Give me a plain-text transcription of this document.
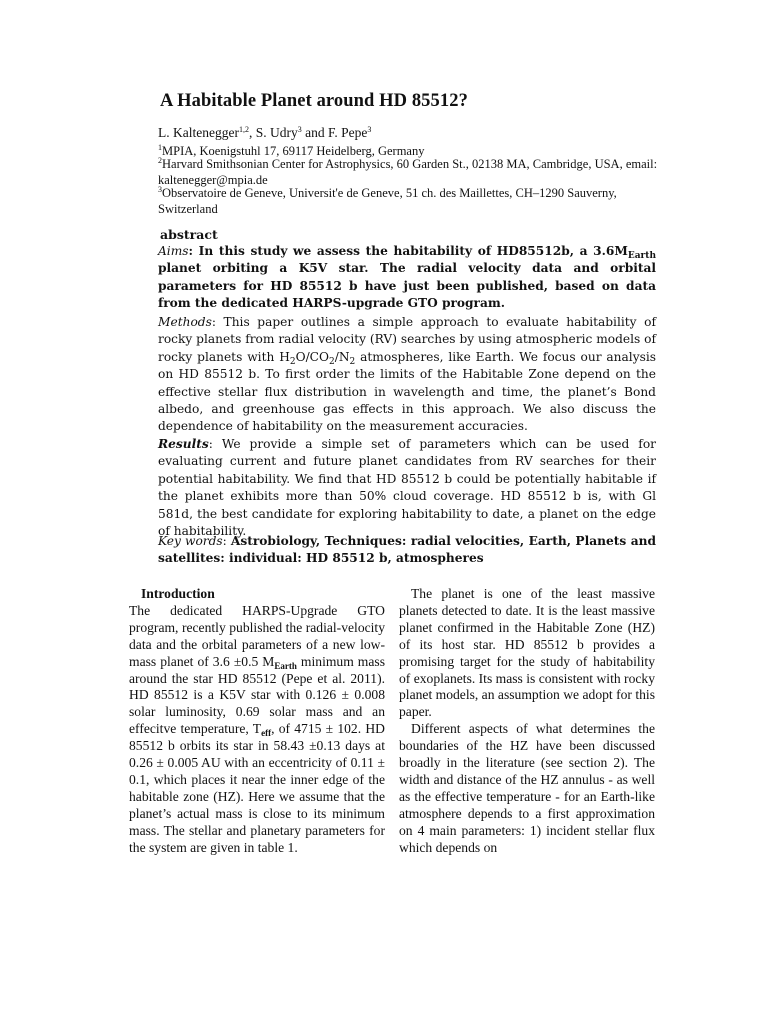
A Habitable Planet around HD 85512?
L. Kaltenegger$^{1,2}$, S. Udry$^3$ and F. Pepe$^3$
$^1$MPIA, Koenigstuhl 17, 69117 Heidelberg, Germany
$^2$Harvard Smithsonian Center for Astrophysics, 60 Garden St., 02138 MA, Cambridge, USA, email: kaltenegger@mpia.de
$^3$Observatoire de Geneve, Universit'e de Geneve, 51 ch. des Maillettes, CH–1290 Sauverny, Switzerland
abstract
Aims: In this study we assess the habitability of HD85512b, a $3.6M_{Earth}$ planet orbiting a K5V star. The radial velocity data and orbital parameters for HD 85512 b have just been published, based on data from the dedicated HARPS-upgrade GTO program.
Methods: This paper outlines a simple approach to evaluate habitability of rocky planets from radial velocity (RV) searches by using atmospheric models of rocky planets with $H_2O/CO_2/N_2$ atmospheres, like Earth. We focus our analysis on HD 85512 b. To first order the limits of the Habitable Zone depend on the effective stellar flux distribution in wavelength and time, the planet’s Bond albedo, and greenhouse gas effects in this approach. We also discuss the dependence of habitability on the measurement accuracies.
Results: We provide a simple set of parameters which can be used for evaluating current and future planet candidates from RV searches for their potential habitability. We find that HD 85512 b could be potentially habitable if the planet exhibits more than 50% cloud coverage. HD 85512 b is, with Gl 581d, the best candidate for exploring habitability to date, a planet on the edge of habitability.
Key words: Astrobiology, Techniques: radial velocities, Earth, Planets and satellites: individual: HD 85512 b, atmospheres
Introduction
The dedicated HARPS-Upgrade GTO program, recently published the radial-velocity data and the orbital parameters of a new low-mass planet of 3.6 ±0.5 $M_{Earth}$ minimum mass around the star HD 85512 (Pepe et al. 2011). HD 85512 is a K5V star with 0.126 ± 0.008 solar luminosity, 0.69 solar mass and an effecitve temperature, $T_{eff}$, of 4715 ± 102. HD 85512 b orbits its star in 58.43 ±0.13 days at 0.26 ± 0.005 AU with an eccentricity of 0.11 ± 0.1, which places it near the inner edge of the habitable zone (HZ). Here we assume that the planet’s actual mass is close to its minimum mass. The stellar and planetary parameters for the system are given in table 1.
The planet is one of the least massive planets detected to date. It is the least massive planet confirmed in the Habitable Zone (HZ) of its host star. HD 85512 b provides a promising target for the study of habitability of exoplanets. Its mass is consistent with rocky planet models, an assumption we adopt for this paper.
Different aspects of what determines the boundaries of the HZ have been discussed broadly in the literature (see section 2). The width and distance of the HZ annulus - as well as the effective temperature - for an Earth-like atmosphere depends to a first approximation on 4 main parameters: 1) incident stellar flux which depends on
